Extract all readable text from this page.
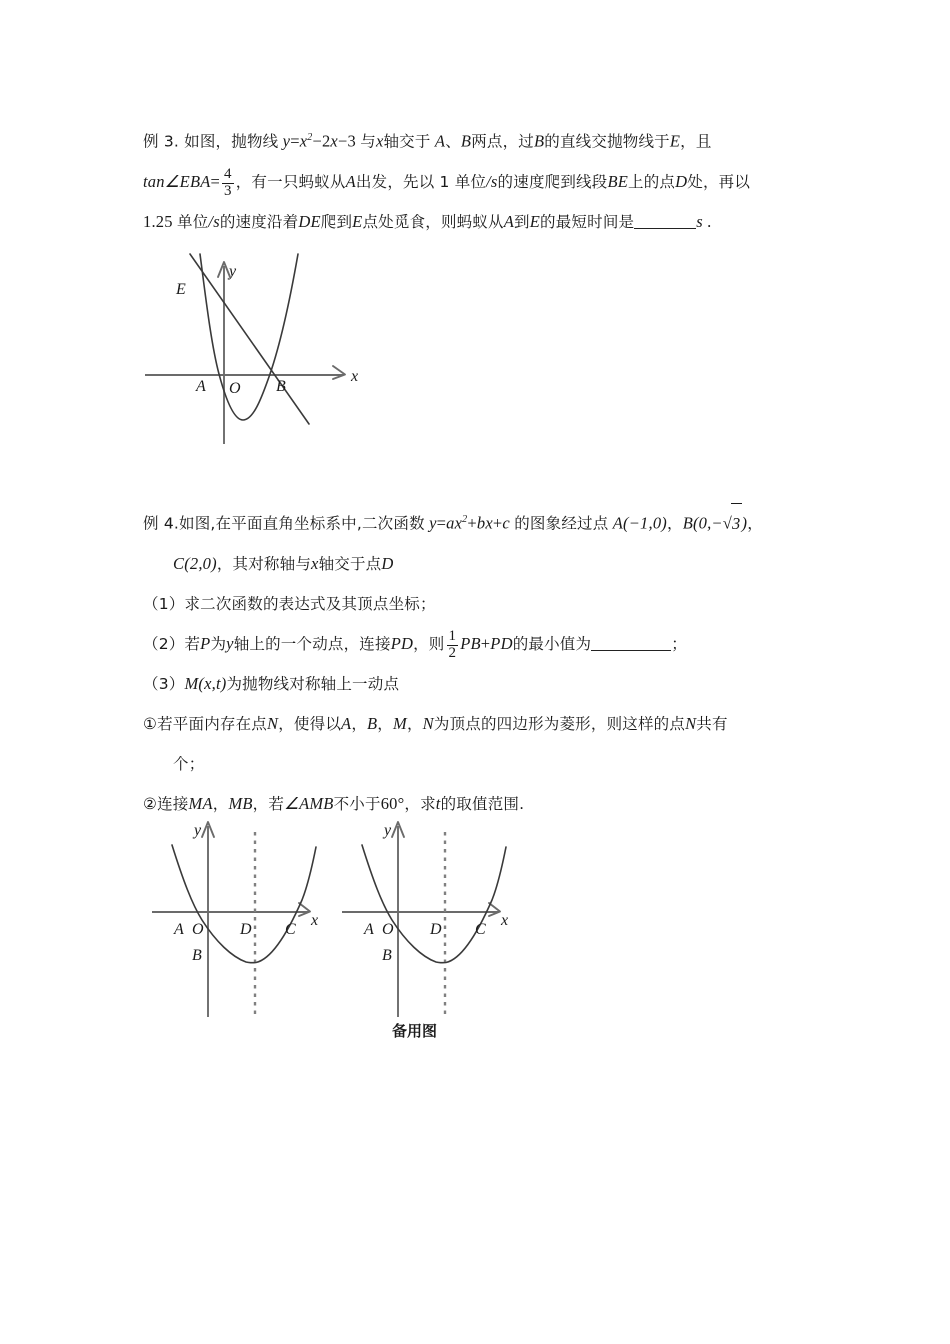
例 3. 如图，抛物线 $y=x^2-2x-3$ 与x轴交于 A、B两点，过B的直线交抛物线于E，且
tan∠EBA= $\frac{4}{3}$ ，有一只蚂蚁从A出发，先以 1 单位/s的速度爬到线段BE上的点D处，再以
1.25 单位/s的速度沿着DE爬到E点处觅食，则蚂蚁从A到E的最短时间是	s .
E
A O B
x
y
例 4.如图,在平面直角坐标系中,二次函数 $y=ax^2+bx+c$ 的图象经过点 A(−1,0)，B(0,−√3)，
C(2,0)，其对称轴与x轴交于点D
（1）求二次函数的表达式及其顶点坐标；
（2）若P为y轴上的一个动点，连接PD，则 $\frac{1}{2} PB+PD$的最小值为	；
（3）M(x,t)为抛物线对称轴上一动点
①若平面内存在点N，使得以A，B，M，N为顶点的四边形为菱形，则这样的点N共有
个；
②连接MA，MB，若∠AMB不小于60°，求t的取值范围.
A O D C
x
y
B
A O D C
x
y
B
备用图
